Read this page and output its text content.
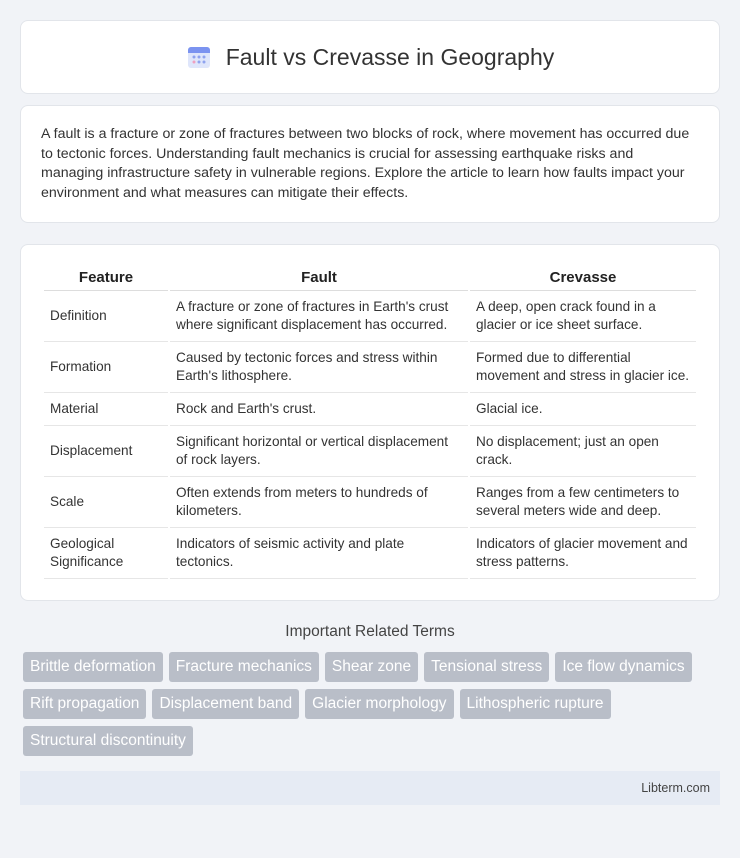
Fault vs Crevasse in Geography

A fault is a fracture or zone of fractures between two blocks of rock, where movement has occurred due to tectonic forces. Understanding fault mechanics is crucial for assessing earthquake risks and managing infrastructure safety in vulnerable regions. Explore the article to learn how faults impact your environment and what measures can mitigate their effects.

Feature	Fault	Crevasse
Definition	A fracture or zone of fractures in Earth's crust where significant displacement has occurred.	A deep, open crack found in a glacier or ice sheet surface.
Formation	Caused by tectonic forces and stress within Earth's lithosphere.	Formed due to differential movement and stress in glacier ice.
Material	Rock and Earth's crust.	Glacial ice.
Displacement	Significant horizontal or vertical displacement of rock layers.	No displacement; just an open crack.
Scale	Often extends from meters to hundreds of kilometers.	Ranges from a few centimeters to several meters wide and deep.
Geological Significance	Indicators of seismic activity and plate tectonics.	Indicators of glacier movement and stress patterns.
Important Related Terms
Brittle deformation	Fracture mechanics	Shear zone	Tensional stress	Ice flow dynamics
Rift propagation	Displacement band	Glacier morphology	Lithospheric rupture
Structural discontinuity
Libterm.com
